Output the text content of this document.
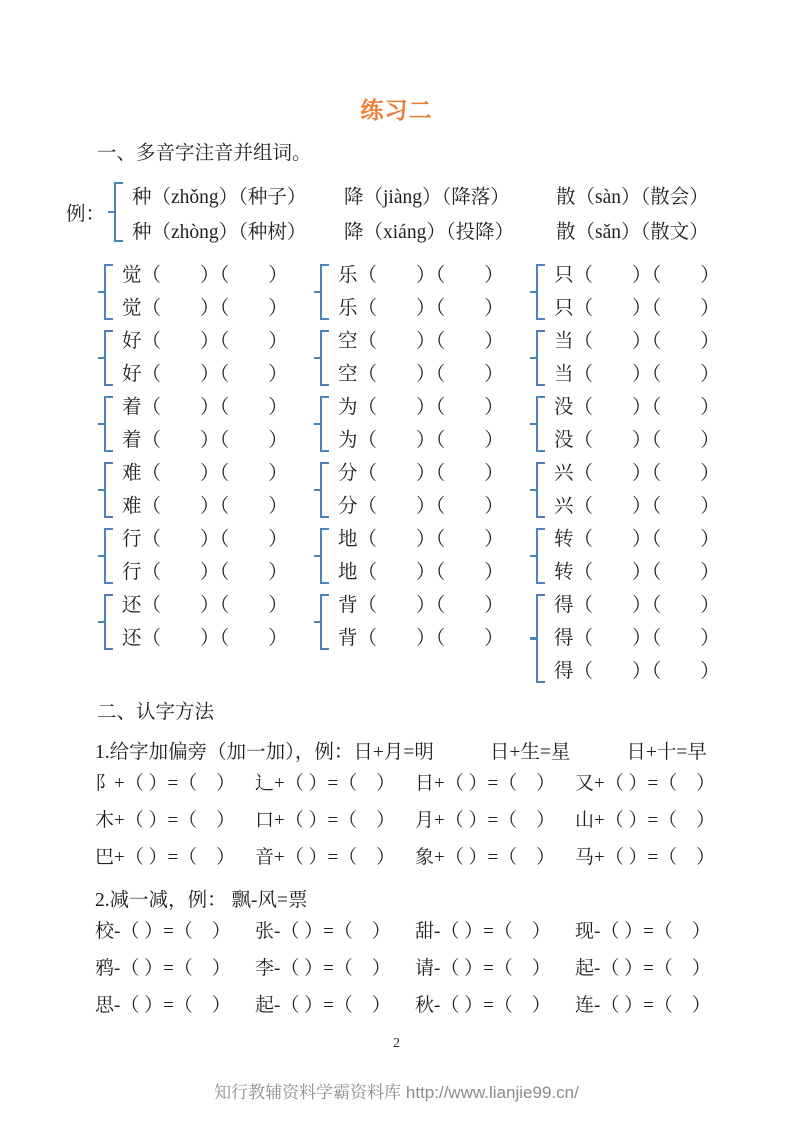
练习二
一、多音字注音并组词。
例：
种（zhǒng）（种子）	降（jiàng）（降落）	散（sàn）（散会）
种（zhòng）（种树）	降（xiáng）（投降）	散（sǎn）（散文）
觉（　　）（　　）
觉（　　）（　　）
乐（　　）（　　）
乐（　　）（　　）
只（　　）（　　）
只（　　）（　　）
好（　　）（　　）
好（　　）（　　）
空（　　）（　　）
空（　　）（　　）
当（　　）（　　）
当（　　）（　　）
着（　　）（　　）
着（　　）（　　）
为（　　）（　　）
为（　　）（　　）
没（　　）（　　）
没（　　）（　　）
难（　　）（　　）
难（　　）（　　）
分（　　）（　　）
分（　　）（　　）
兴（　　）（　　）
兴（　　）（　　）
行（　　）（　　）
行（　　）（　　）
地（　　）（　　）
地（　　）（　　）
转（　　）（　　）
转（　　）（　　）
还（　　）（　　）
还（　　）（　　）
背（　　）（　　）
背（　　）（　　）
得（　　）（　　）
得（　　）（　　）
得（　　）（　　）
二、认字方法
1.给字加偏旁（加一加），例：日+月=明	日+生=星	日+十=早
阝+（ ）=（　）	辶+（ ）=（　）	日+（ ）=（　）	又+（ ）=（　）
木+（ ）=（　）	口+（ ）=（　）	月+（ ）=（　）	山+（ ）=（　）
巴+（ ）=（　）	音+（ ）=（　）	象+（ ）=（　）	马+（ ）=（　）
2.减一减，例： 飘-风=票
校-（ ）=（　）	张-（ ）=（　）	甜-（ ）=（　）	现-（ ）=（　）
鸦-（ ）=（　）	李-（ ）=（　）	请-（ ）=（　）	起-（ ）=（　）
思-（ ）=（　）	起-（ ）=（　）	秋-（ ）=（　）	连-（ ）=（　）
2
知行教辅资料学霸资料库 http://www.lianjie99.cn/
